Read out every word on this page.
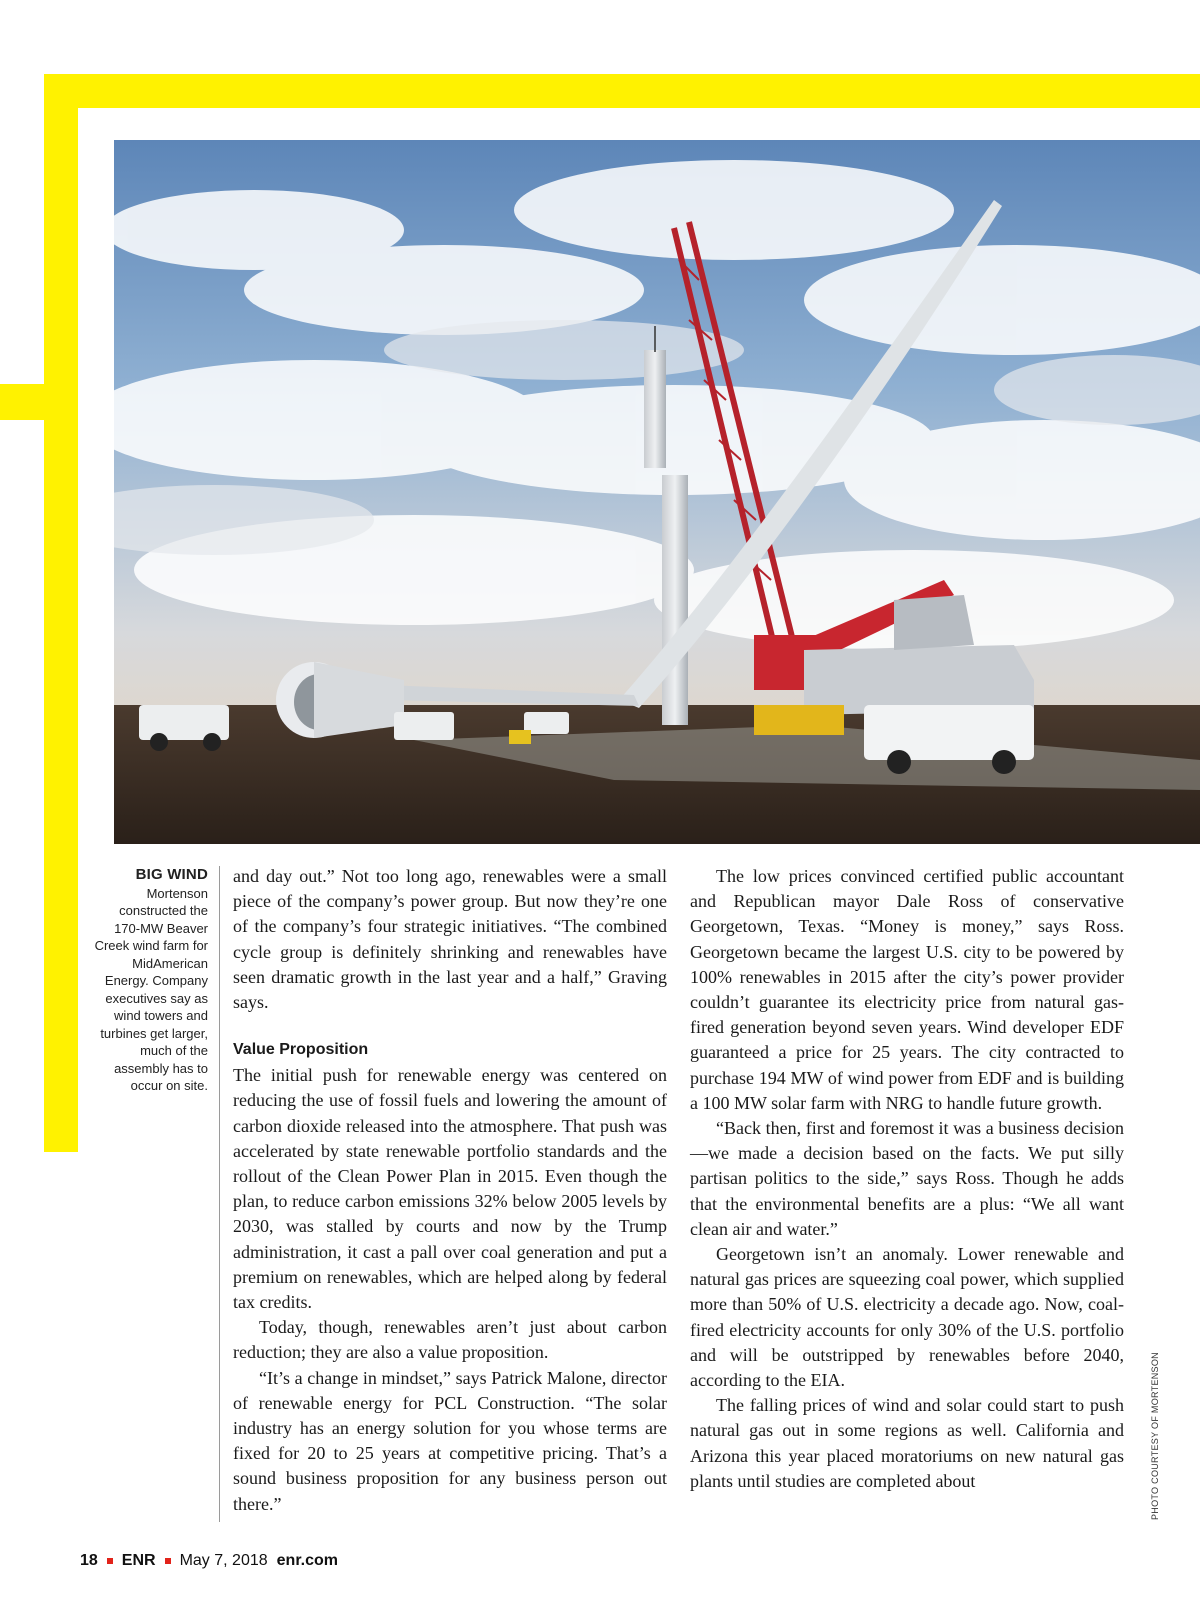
BIG WIND
Mortenson constructed the 170-MW Beaver Creek wind farm for MidAmerican Energy. Company executives say as wind towers and turbines get larger, much of the assembly has to occur on site.

and day out.” Not too long ago, renewables were a small piece of the company’s power group. But now they’re one of the company’s four strategic initiatives. “The combined cycle group is definitely shrinking and renewables have seen dramatic growth in the last year and a half,” Graving says.

Value Proposition

The initial push for renewable energy was centered on reducing the use of fossil fuels and lowering the amount of carbon dioxide released into the atmosphere. That push was accelerated by state renewable portfolio standards and the rollout of the Clean Power Plan in 2015. Even though the plan, to reduce carbon emissions 32% below 2005 levels by 2030, was stalled by courts and now by the Trump administration, it cast a pall over coal generation and put a premium on renewables, which are helped along by federal tax credits.

Today, though, renewables aren’t just about carbon reduction; they are also a value proposition.

“It’s a change in mindset,” says Patrick Malone, director of renewable energy for PCL Construction. “The solar industry has an energy solution for you whose terms are fixed for 20 to 25 years at competitive pricing. That’s a sound business proposition for any business person out there.”

The low prices convinced certified public accountant and Republican mayor Dale Ross of conservative Georgetown, Texas. “Money is money,” says Ross. Georgetown became the largest U.S. city to be powered by 100% renewables in 2015 after the city’s power provider couldn’t guarantee its electricity price from natural gas-fired generation beyond seven years. Wind developer EDF guaranteed a price for 25 years. The city contracted to purchase 194 MW of wind power from EDF and is building a 100 MW solar farm with NRG to handle future growth.

“Back then, first and foremost it was a business decision—we made a decision based on the facts. We put silly partisan politics to the side,” says Ross. Though he adds that the environmental benefits are a plus: “We all want clean air and water.”

Georgetown isn’t an anomaly. Lower renewable and natural gas prices are squeezing coal power, which supplied more than 50% of U.S. electricity a decade ago. Now, coal-fired electricity accounts for only 30% of the U.S. portfolio and will be outstripped by renewables before 2040, according to the EIA.

The falling prices of wind and solar could start to push natural gas out in some regions as well. California and Arizona this year placed moratoriums on new natural gas plants until studies are completed about	PHOTO COURTESY OF MORTENSON
18 ENR May 7, 2018 enr.com
